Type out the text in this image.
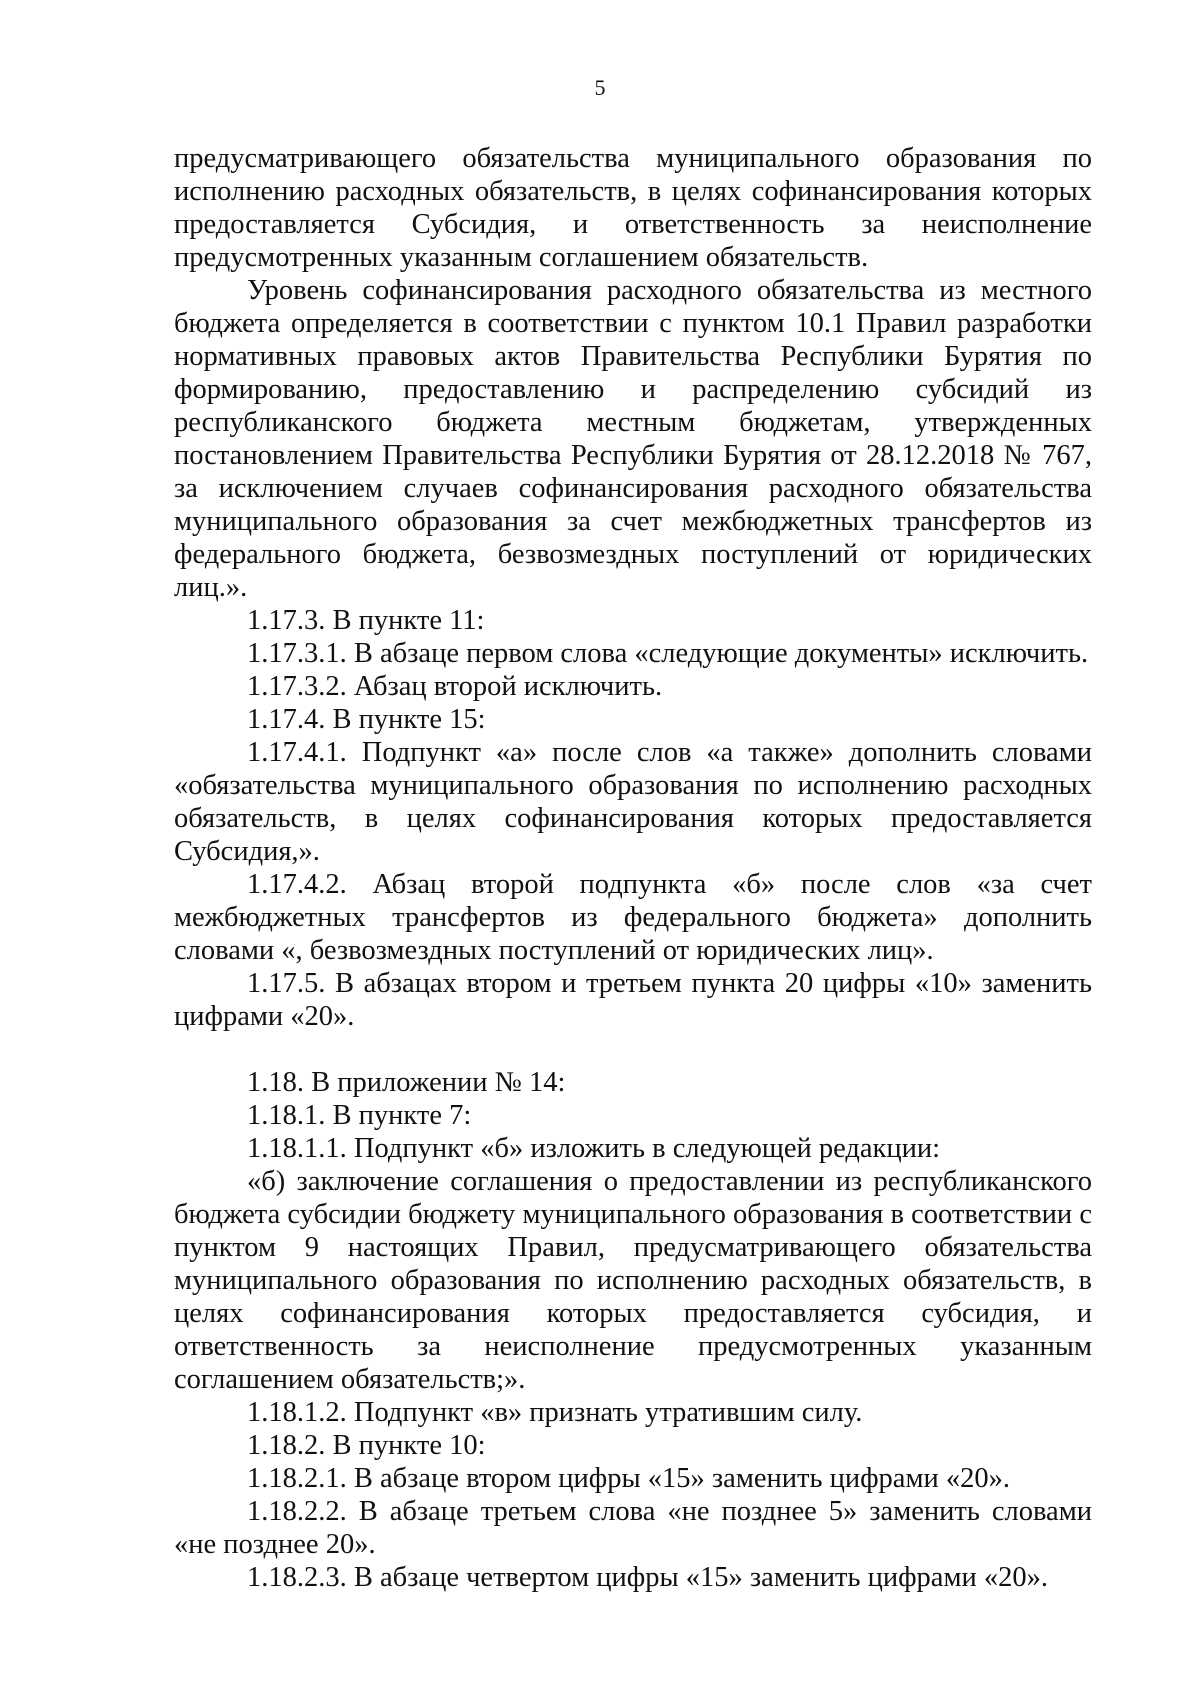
5

предусматривающего обязательства муниципального образования по исполнению расходных обязательств, в целях софинансирования которых предоставляется Субсидия, и ответственность за неисполнение предусмотренных указанным соглашением обязательств.

Уровень софинансирования расходного обязательства из местного бюджета определяется в соответствии с пунктом 10.1 Правил разработки нормативных правовых актов Правительства Республики Бурятия по формированию, предоставлению и распределению субсидий из республиканского бюджета местным бюджетам, утвержденных постановлением Правительства Республики Бурятия от 28.12.2018 № 767, за исключением случаев софинансирования расходного обязательства муниципального образования за счет межбюджетных трансфертов из федерального бюджета, безвозмездных поступлений от юридических лиц.».

1.17.3. В пункте 11:

1.17.3.1. В абзаце первом слова «следующие документы» исключить.

1.17.3.2. Абзац второй исключить.

1.17.4. В пункте 15:

1.17.4.1. Подпункт «а» после слов «а также» дополнить словами «обязательства муниципального образования по исполнению расходных обязательств, в целях софинансирования которых предоставляется Субсидия,».

1.17.4.2. Абзац второй подпункта «б» после слов «за счет межбюджетных трансфертов из федерального бюджета» дополнить словами «, безвозмездных поступлений от юридических лиц».

1.17.5. В абзацах втором и третьем пункта 20 цифры «10» заменить цифрами «20».

1.18. В приложении № 14:

1.18.1. В пункте 7:

1.18.1.1. Подпункт «б» изложить в следующей редакции:

«б) заключение соглашения о предоставлении из республиканского бюджета субсидии бюджету муниципального образования в соответствии с пунктом 9 настоящих Правил, предусматривающего обязательства муниципального образования по исполнению расходных обязательств, в целях софинансирования которых предоставляется субсидия, и ответственность за неисполнение предусмотренных указанным соглашением обязательств;».

1.18.1.2. Подпункт «в» признать утратившим силу.

1.18.2. В пункте 10:

1.18.2.1. В абзаце втором цифры «15» заменить цифрами «20».

1.18.2.2. В абзаце третьем слова «не позднее 5» заменить словами «не позднее 20».

1.18.2.3. В абзаце четвертом цифры «15» заменить цифрами «20».
